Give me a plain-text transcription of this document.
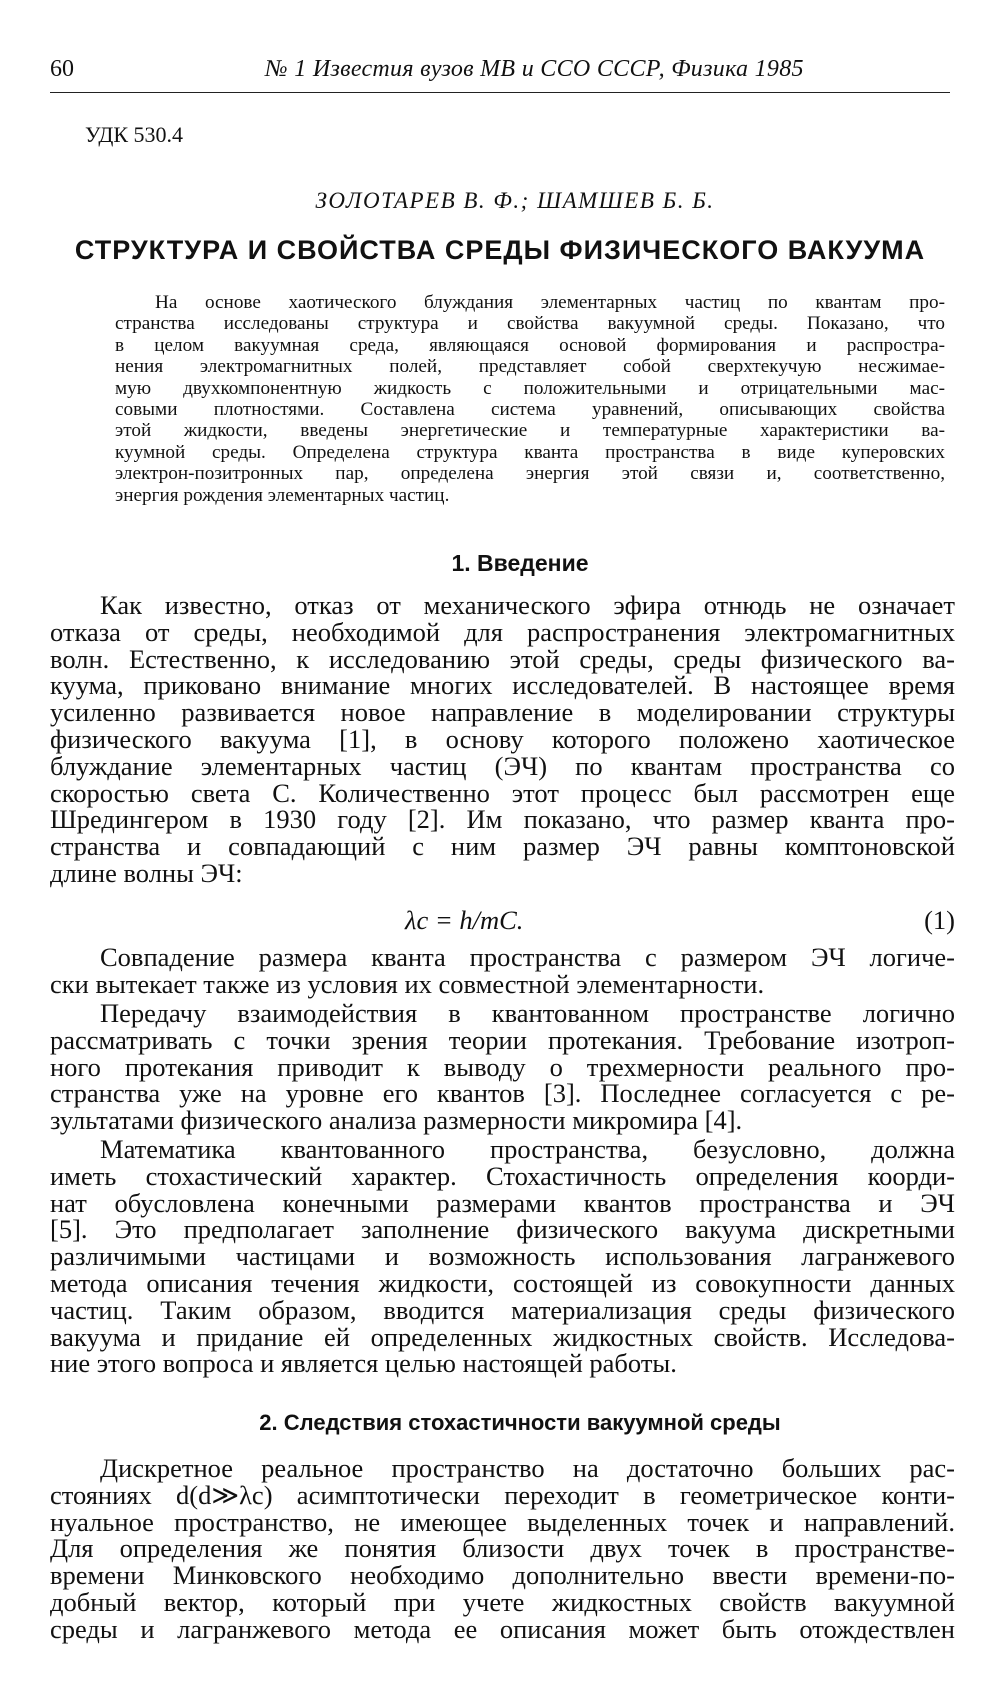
60	№ 1 Известия вузов МВ и ССО СССР, Физика 1985
УДК 530.4
ЗОЛОТАРЕВ В. Ф.; ШАМШЕВ Б. Б.
СТРУКТУРА И СВОЙСТВА СРЕДЫ ФИЗИЧЕСКОГО ВАКУУМА
На основе хаотического блуждания элементарных частиц по квантам про-
странства исследованы структура и свойства вакуумной среды. Показано, что
в целом вакуумная среда, являющаяся основой формирования и распростра-
нения электромагнитных полей, представляет собой сверхтекучую несжимае-
мую двухкомпонентную жидкость с положительными и отрицательными мас-
совыми плотностями. Составлена система уравнений, описывающих свойства
этой жидкости, введены энергетические и температурные характеристики ва-
куумной среды. Определена структура кванта пространства в виде куперовских
электрон-позитронных пар, определена энергия этой связи и, соответственно,
энергия рождения элементарных частиц.
1. Введение
Как известно, отказ от механического эфира отнюдь не означает
отказа от среды, необходимой для распространения электромагнитных
волн. Естественно, к исследованию этой среды, среды физического ва-
куума, приковано внимание многих исследователей. В настоящее время
усиленно развивается новое направление в моделировании структуры
физического вакуума [1], в основу которого положено хаотическое
блуждание элементарных частиц (ЭЧ) по квантам пространства со
скоростью света C. Количественно этот процесс был рассмотрен еще
Шредингером в 1930 году [2]. Им показано, что размер кванта про-
странства и совпадающий с ним размер ЭЧ равны комптоновской
длине волны ЭЧ:
λc = h/mC.	(1)
Совпадение размера кванта пространства с размером ЭЧ логиче-
ски вытекает также из условия их совместной элементарности.
Передачу взаимодействия в квантованном пространстве логично
рассматривать с точки зрения теории протекания. Требование изотроп-
ного протекания приводит к выводу о трехмерности реального про-
странства уже на уровне его квантов [3]. Последнее согласуется с ре-
зультатами физического анализа размерности микромира [4].
Математика квантованного пространства, безусловно, должна
иметь стохастический характер. Стохастичность определения коорди-
нат обусловлена конечными размерами квантов пространства и ЭЧ
[5]. Это предполагает заполнение физического вакуума дискретными
различимыми частицами и возможность использования лагранжевого
метода описания течения жидкости, состоящей из совокупности данных
частиц. Таким образом, вводится материализация среды физического
вакуума и придание ей определенных жидкостных свойств. Исследова-
ние этого вопроса и является целью настоящей работы.
2. Следствия стохастичности вакуумной среды
Дискретное реальное пространство на достаточно больших рас-
стояниях d(d≫λc) асимптотически переходит в геометрическое конти-
нуальное пространство, не имеющее выделенных точек и направлений.
Для определения же понятия близости двух точек в пространстве-
времени Минковского необходимо дополнительно ввести времени-по-
добный вектор, который при учете жидкостных свойств вакуумной
среды и лагранжевого метода ее описания может быть отождествлен
